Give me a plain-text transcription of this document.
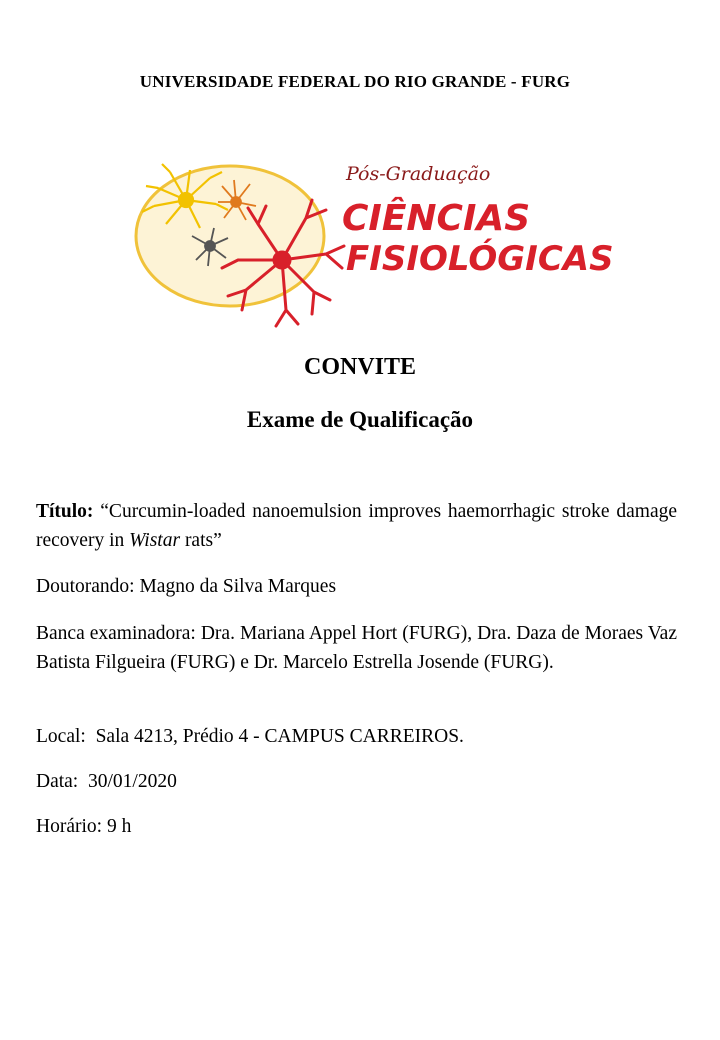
UNIVERSIDADE FEDERAL DO RIO GRANDE - FURG
Pós-Graduação
CIÊNCIAS
FISIOLÓGICAS
CONVITE
Exame de Qualificação
Título: “Curcumin-loaded nanoemulsion improves haemorrhagic stroke damage recovery in Wistar rats”
Doutorando: Magno da Silva Marques
Banca examinadora: Dra. Mariana Appel Hort (FURG), Dra. Daza de Moraes Vaz Batista Filgueira (FURG) e Dr. Marcelo Estrella Josende (FURG).
Local: Sala 4213, Prédio 4 - CAMPUS CARREIROS.
Data: 30/01/2020
Horário: 9 h
